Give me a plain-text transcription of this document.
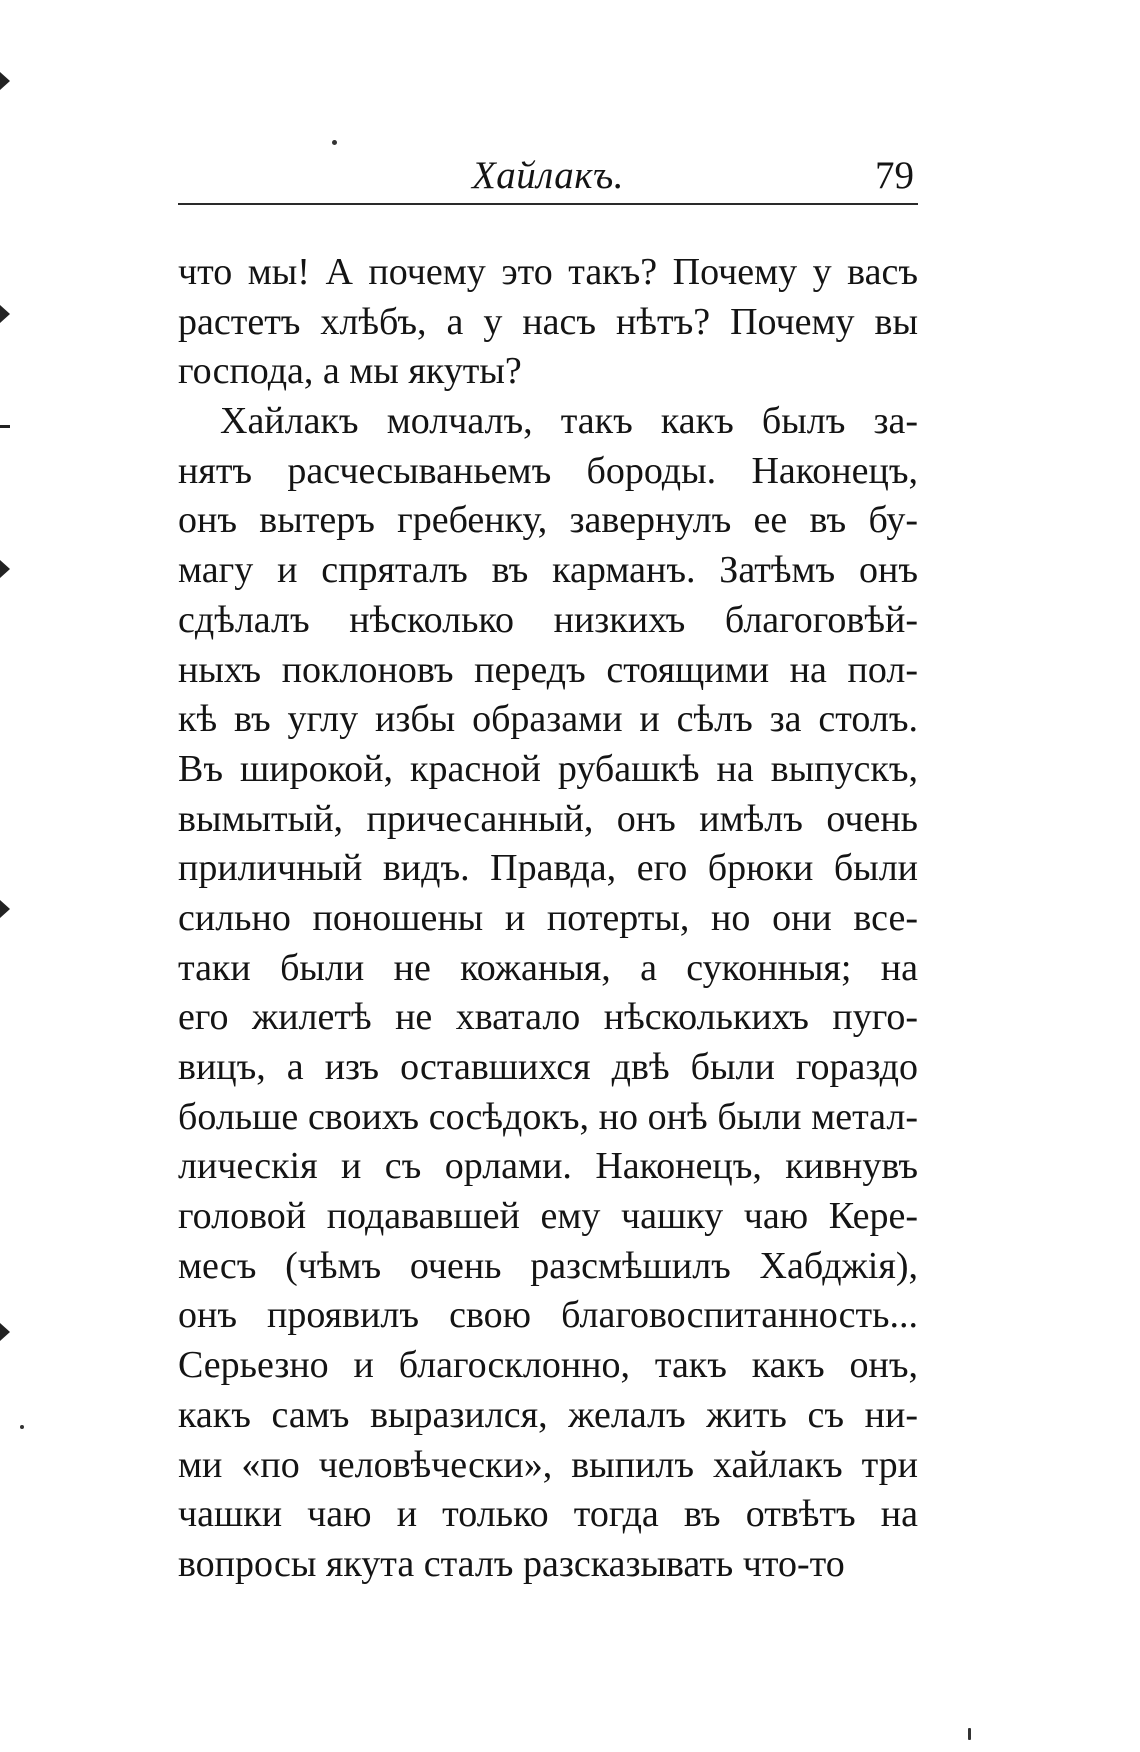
Хайлакъ.	79
что мы! А почему это такъ? Почему у васъ
растетъ хлѣбъ, а у насъ нѣтъ? Почему вы
господа, а мы якуты?
Хайлакъ молчалъ, такъ какъ былъ за-
нятъ расчесываньемъ бороды. Наконецъ,
онъ вытеръ гребенку, завернулъ ее въ бу-
магу и спряталъ въ карманъ. Затѣмъ онъ
сдѣлалъ нѣсколько низкихъ благоговѣй-
ныхъ поклоновъ передъ стоящими на пол-
кѣ въ углу избы образами и сѣлъ за столъ.
Въ широкой, красной рубашкѣ на выпускъ,
вымытый, причесанный, онъ имѣлъ очень
приличный видъ. Правда, его брюки были
сильно поношены и потерты, но они все-
таки были не кожаныя, а суконныя; на
его жилетѣ не хватало нѣсколькихъ пуго-
вицъ, а изъ оставшихся двѣ были гораздо
больше своихъ сосѣдокъ, но онѣ были метал-
лическія и съ орлами. Наконецъ, кивнувъ
головой подававшей ему чашку чаю Кере-
месъ (чѣмъ очень разсмѣшилъ Хабджія),
онъ проявилъ свою благовоспитанность...
Серьезно и благосклонно, такъ какъ онъ,
какъ самъ выразился, желалъ жить съ ни-
ми «по человѣчески», выпилъ хайлакъ три
чашки чаю и только тогда въ отвѣтъ на
вопросы якута сталъ разсказывать что-то
